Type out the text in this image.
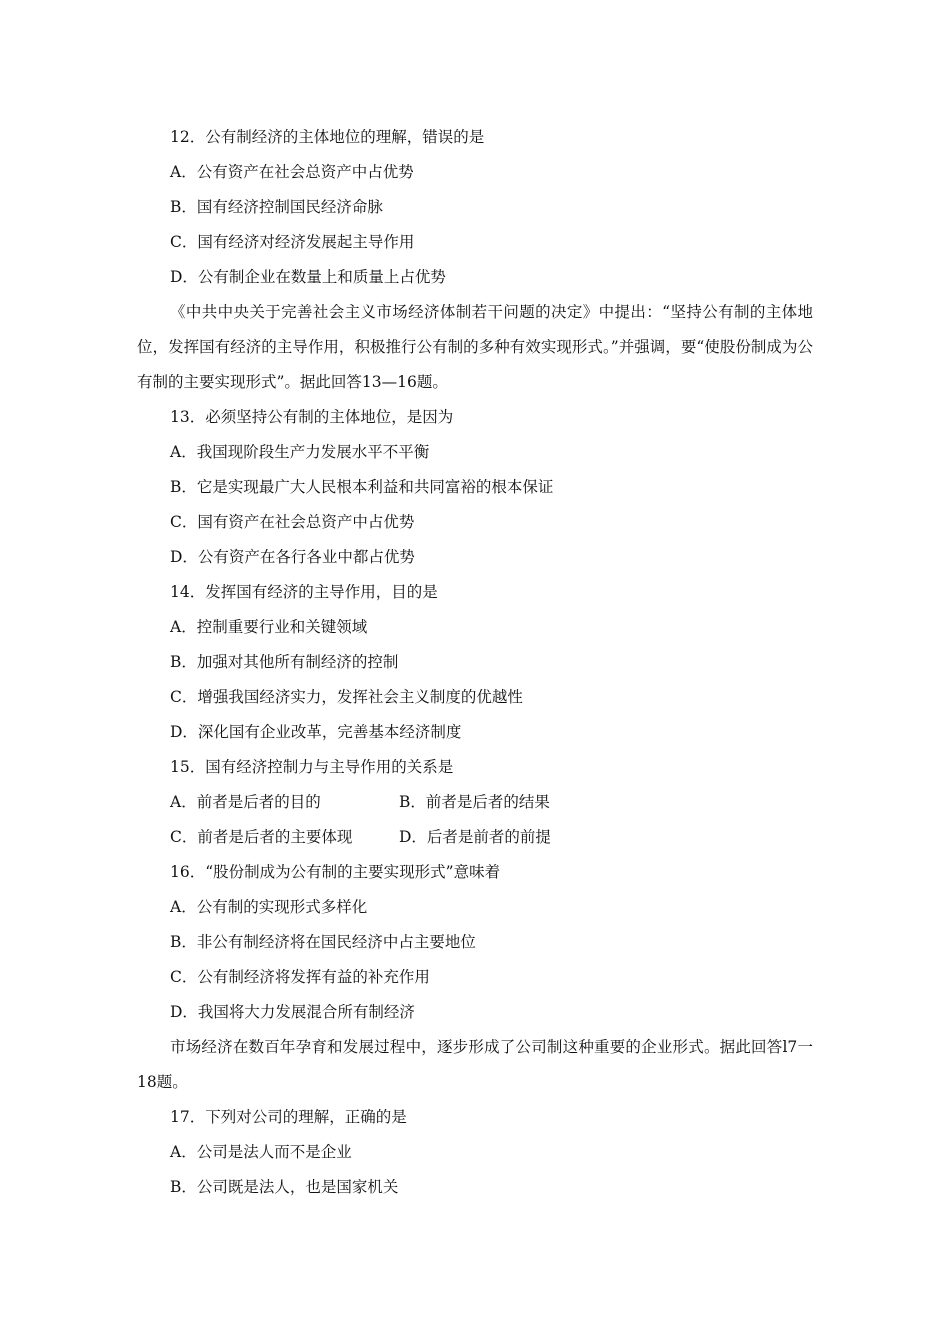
12．公有制经济的主体地位的理解，错误的是
A．公有资产在社会总资产中占优势
B．国有经济控制国民经济命脉
C．国有经济对经济发展起主导作用
D．公有制企业在数量上和质量上占优势
《中共中央关于完善社会主义市场经济体制若干问题的决定》中提出：“坚持公有制的主体地位，发挥国有经济的主导作用，积极推行公有制的多种有效实现形式。”并强调，要“使股份制成为公有制的主要实现形式”。据此回答13—16题。
13．必须坚持公有制的主体地位，是因为
A．我国现阶段生产力发展水平不平衡
B．它是实现最广大人民根本利益和共同富裕的根本保证
C．国有资产在社会总资产中占优势
D．公有资产在各行各业中都占优势
14．发挥国有经济的主导作用，目的是
A．控制重要行业和关键领域
B．加强对其他所有制经济的控制
C．增强我国经济实力，发挥社会主义制度的优越性
D．深化国有企业改革，完善基本经济制度
15．国有经济控制力与主导作用的关系是
A．前者是后者的目的	B．前者是后者的结果
C．前者是后者的主要体现	D．后者是前者的前提
16．“股份制成为公有制的主要实现形式”意味着
A．公有制的实现形式多样化
B．非公有制经济将在国民经济中占主要地位
C．公有制经济将发挥有益的补充作用
D．我国将大力发展混合所有制经济
市场经济在数百年孕育和发展过程中，逐步形成了公司制这种重要的企业形式。据此回答l7一18题。
17．下列对公司的理解，正确的是
A．公司是法人而不是企业
B．公司既是法人，也是国家机关
